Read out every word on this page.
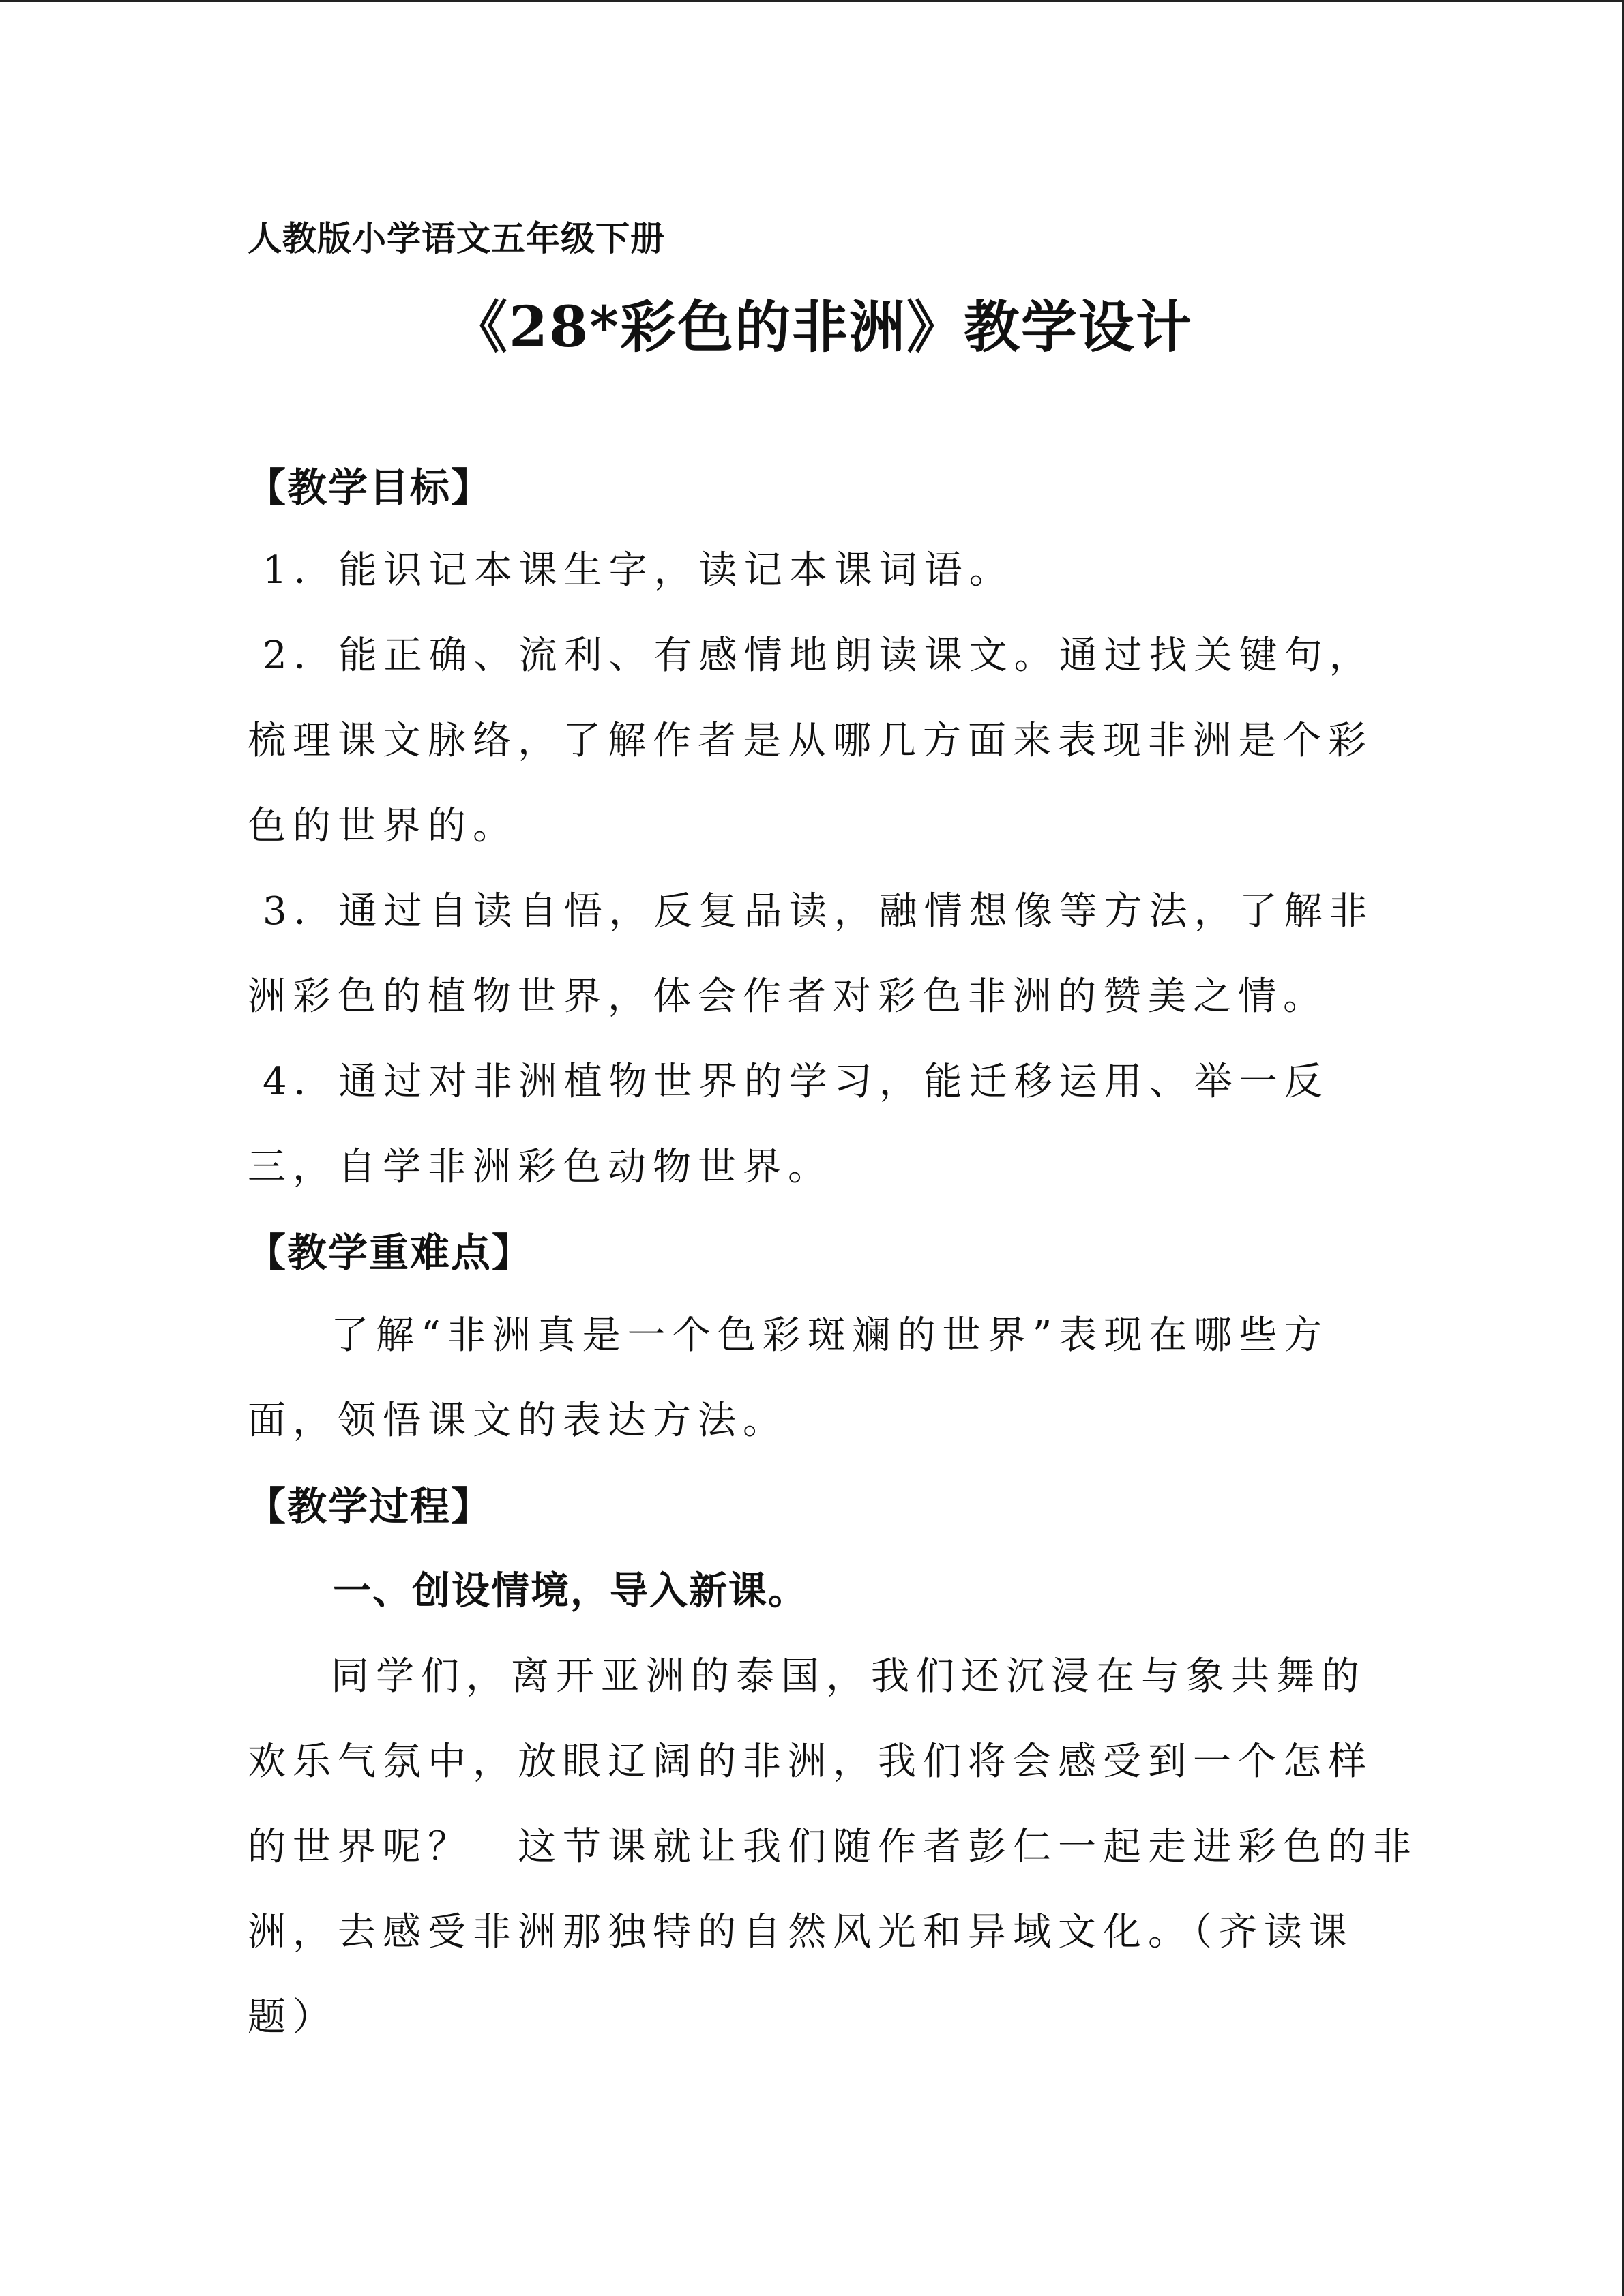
人教版小学语文五年级下册
《28*彩色的非洲》教学设计
【教学目标】
1．能识记本课生字，读记本课词语。
2．能正确、流利、有感情地朗读课文。通过找关键句，
梳理课文脉络，了解作者是从哪几方面来表现非洲是个彩
色的世界的。
3．通过自读自悟，反复品读，融情想像等方法，了解非
洲彩色的植物世界，体会作者对彩色非洲的赞美之情。
4．通过对非洲植物世界的学习，能迁移运用、举一反
三，自学非洲彩色动物世界。
【教学重难点】
了解“非洲真是一个色彩斑斓的世界”表现在哪些方
面，领悟课文的表达方法。
【教学过程】
一、创设情境，导入新课。
同学们，离开亚洲的泰国，我们还沉浸在与象共舞的
欢乐气氛中，放眼辽阔的非洲，我们将会感受到一个怎样
的世界呢？　这节课就让我们随作者彭仁一起走进彩色的非
洲，去感受非洲那独特的自然风光和异域文化。（齐读课
题）
